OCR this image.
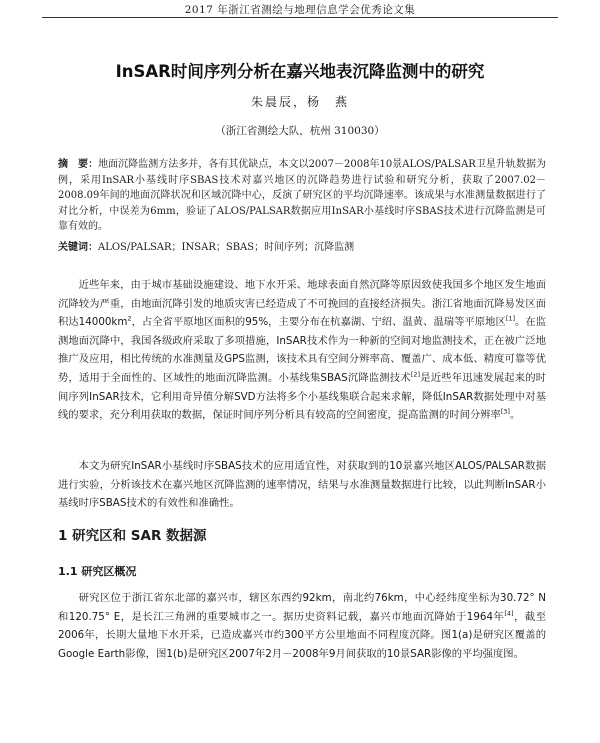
2017 年浙江省测绘与地理信息学会优秀论文集
InSAR时间序列分析在嘉兴地表沉降监测中的研究
朱晨辰，杨　燕
（浙江省测绘大队，杭州 310030）
摘　要：地面沉降监测方法多并，各有其优缺点，本文以2007－2008年10景ALOS/PALSAR卫星升轨数据为例，采用InSAR小基线时序SBAS技术对嘉兴地区的沉降趋势进行试验和研究分析，获取了2007.02－2008.09年间的地面沉降状况和区域沉降中心，反演了研究区的平均沉降速率。该成果与水准测量数据进行了对比分析，中误差为6mm，验证了ALOS/PALSAR数据应用InSAR小基线时序SBAS技术进行沉降监测是可靠有效的。
关键词：ALOS/PALSAR；INSAR；SBAS；时间序列；沉降监测

近些年来，由于城市基础设施建设、地下水开采、地球表面自然沉降等原因致使我国多个地区发生地面沉降较为严重，由地面沉降引发的地质灾害已经造成了不可挽回的直接经济损失。浙江省地面沉降易发区面积达$14000km^2$，占全省平原地区面积的95%，主要分布在杭嘉湖、宁绍、温黄、温瑞等平原地区[1]。在监测地面沉降中，我国各级政府采取了多项措施，InSAR技术作为一种新的空间对地监测技术，正在被广泛地推广及应用，相比传统的水准测量及GPS监测，该技术具有空间分辨率高、覆盖广、成本低、精度可靠等优势，适用于全面性的、区域性的地面沉降监测。小基线集SBAS沉降监测技术[2]是近些年迅速发展起来的时间序列InSAR技术，它利用奇异值分解SVD方法将多个小基线集联合起来求解，降低InSAR数据处理中对基线的要求，充分利用获取的数据，保证时间序列分析具有较高的空间密度，提高监测的时间分辨率[3]。

本文为研究InSAR小基线时序SBAS技术的应用适宜性，对获取到的10景嘉兴地区ALOS/PALSAR数据进行实验，分析该技术在嘉兴地区沉降监测的速率情况，结果与水准测量数据进行比较，以此判断InSAR小基线时序SBAS技术的有效性和准确性。

1 研究区和 SAR 数据源
1.1 研究区概况

研究区位于浙江省东北部的嘉兴市，辖区东西约92km，南北约76km，中心经纬度坐标为30.72° N 和120.75° E，是长江三角洲的重要城市之一。据历史资料记载，嘉兴市地面沉降始于1964年[4]，截至2006年，长期大量地下水开采，已造成嘉兴市约300平方公里地面不同程度沉降。图1(a)是研究区覆盖的Google Earth影像，图1(b)是研究区2007年2月－2008年9月间获取的10景SAR影像的平均强度图。
